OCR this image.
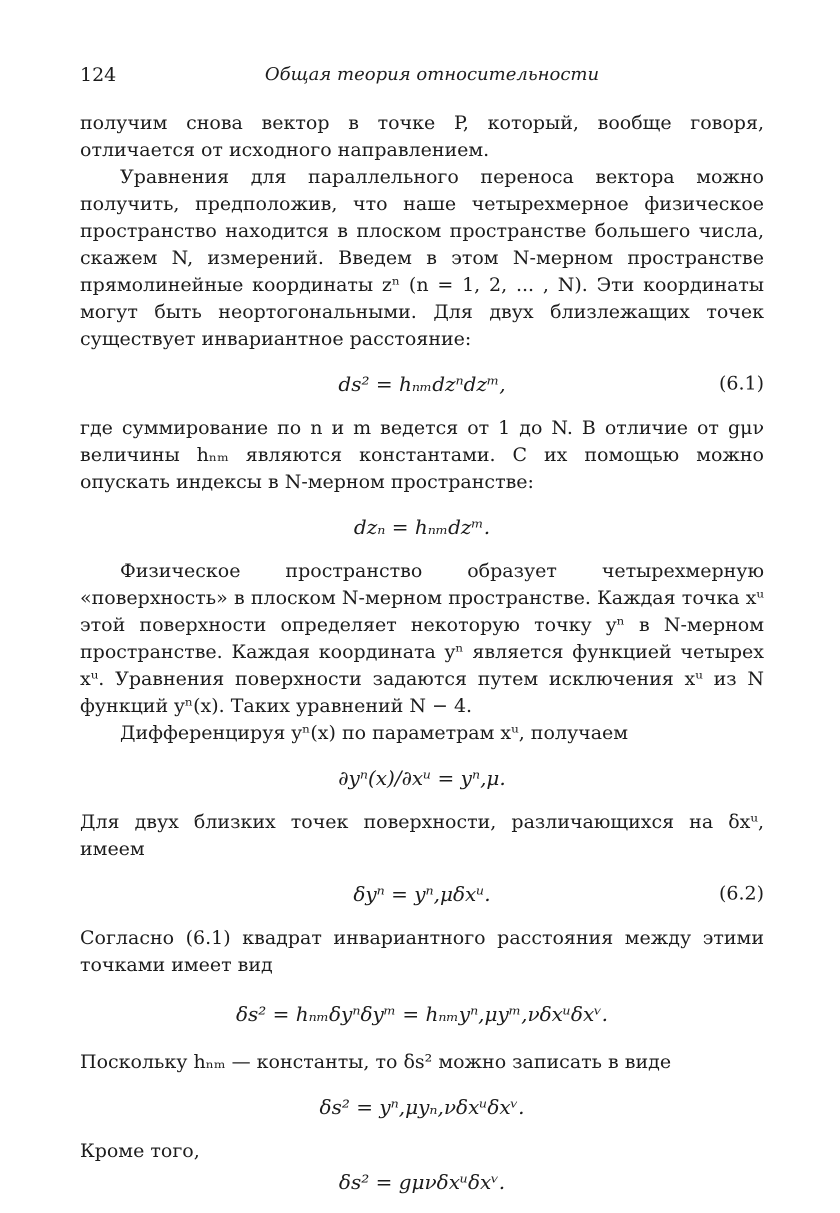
124	Общая теория относительности

получим снова вектор в точке P, который, вообще говоря, отличается от исходного направлением.

Уравнения для параллельного переноса вектора можно получить, предположив, что наше четырехмерное физическое пространство находится в плоском пространстве большего числа, скажем N, измерений. Введем в этом N-мерном пространстве прямолинейные координаты zⁿ (n = 1, 2, ... , N). Эти координаты могут быть неортогональными. Для двух близлежащих точек существует инвариантное расстояние:

ds² = hₙₘdzⁿdzᵐ,	(6.1)

где суммирование по n и m ведется от 1 до N. В отличие от gμν величины hₙₘ являются константами. С их помощью можно опускать индексы в N-мерном пространстве:

dzₙ = hₙₘdzᵐ.

Физическое пространство образует четырехмерную «поверхность» в плоском N-мерном пространстве. Каждая точка xᵘ этой поверхности определяет некоторую точку yⁿ в N-мерном пространстве. Каждая координата yⁿ является функцией четырех xᵘ. Уравнения поверхности задаются путем исключения xᵘ из N функций yⁿ(x). Таких уравнений N − 4.

Дифференцируя yⁿ(x) по параметрам xᵘ, получаем

∂yⁿ(x)/∂xᵘ = yⁿ,μ.

Для двух близких точек поверхности, различающихся на δxᵘ, имеем

δyⁿ = yⁿ,μδxᵘ.	(6.2)

Согласно (6.1) квадрат инвариантного расстояния между этими точками имеет вид

δs² = hₙₘδyⁿδyᵐ = hₙₘyⁿ,μyᵐ,νδxᵘδxᵛ.

Поскольку hₙₘ — константы, то δs² можно записать в виде

δs² = yⁿ,μyₙ,νδxᵘδxᵛ.

Кроме того,

δs² = gμνδxᵘδxᵛ.
